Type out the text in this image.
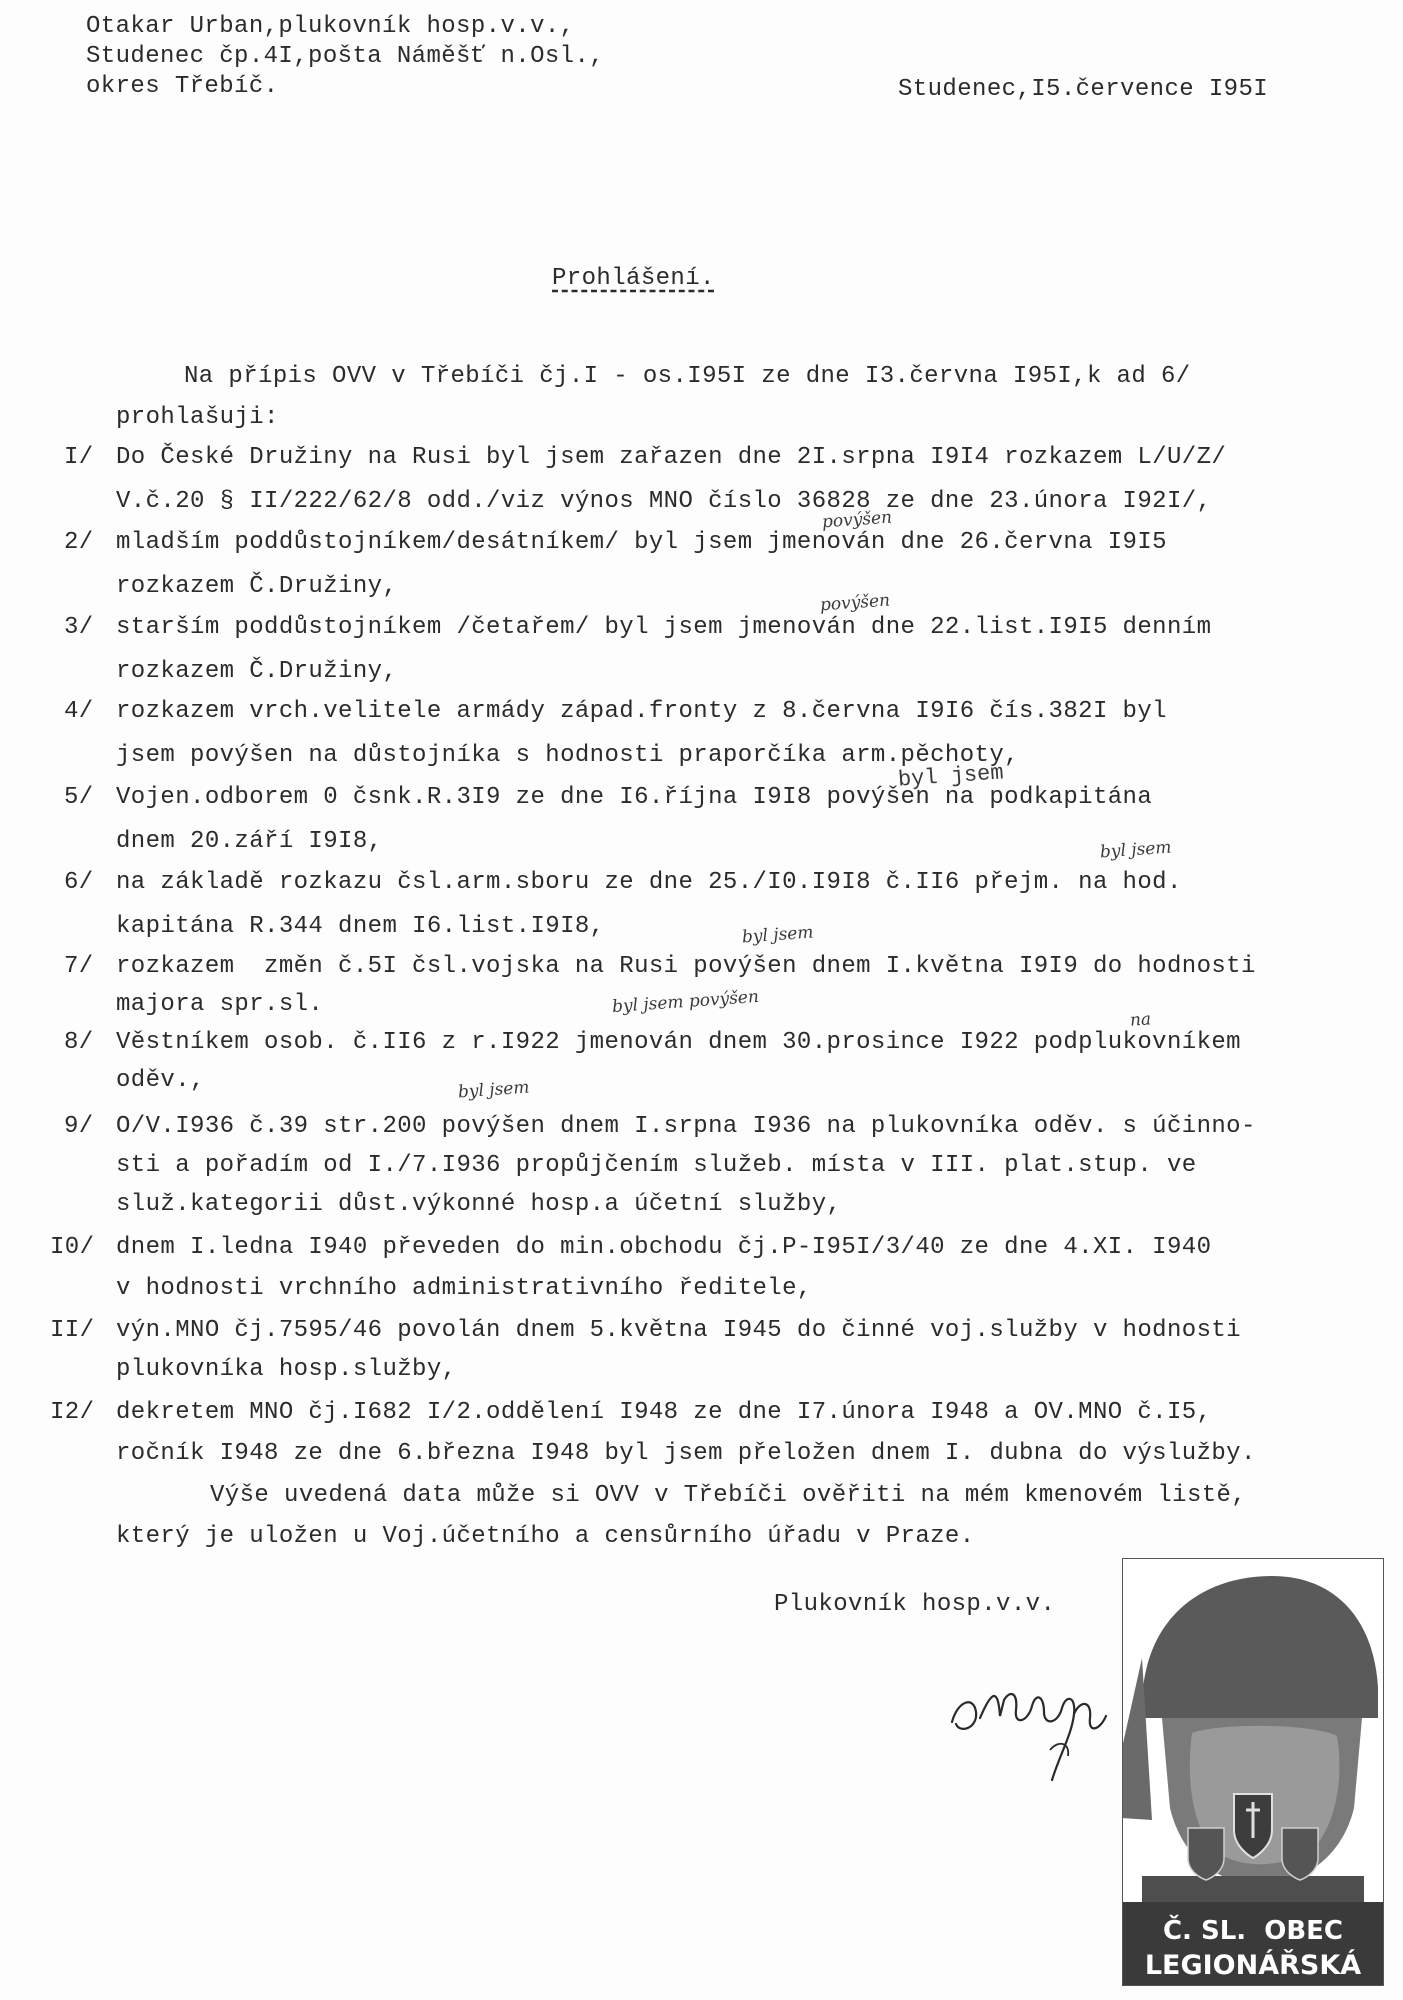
Otakar Urban,plukovník hosp.v.v.,
Studenec čp.4I,pošta Náměšť n.Osl.,
okres Třebíč.	Studenec,I5.července I95I
Prohlášení.
Na přípis OVV v Třebíči čj.I - os.I95I ze dne I3.června I95I,k ad 6/
prohlašuji:
I/ Do České Družiny na Rusi byl jsem zařazen dne 2I.srpna I9I4 rozkazem L/U/Z/
V.č.20 § II/222/62/8 odd./viz výnos MNO číslo 36828 ze dne 23.února I92I/,
2/ mladším poddůstojníkem/desátníkem/ byl jsem jmenován dne 26.června I9I5
rozkazem Č.Družiny,
povýšen
3/ starším poddůstojníkem /četařem/ byl jsem jmenován dne 22.list.I9I5 denním
rozkazem Č.Družiny,
povýšen
4/ rozkazem vrch.velitele armády západ.fronty z 8.června I9I6 čís.382I byl
jsem povýšen na důstojníka s hodnosti praporčíka arm.pěchoty,
5/ Vojen.odborem 0 čsnk.R.3I9 ze dne I6.října I9I8 povýšen na podkapitána
dnem 20.září I9I8,
byl jsem
6/ na základě rozkazu čsl.arm.sboru ze dne 25./I0.I9I8 č.II6 přejm. na hod.
kapitána R.344 dnem I6.list.I9I8,
byl jsem
7/ rozkazem  změn č.5I čsl.vojska na Rusi povýšen dnem I.května I9I9 do hodnosti
majora spr.sl.
byl jsem
8/ Věstníkem osob. č.II6 z r.I922 jmenován dnem 30.prosince I922 podplukovníkem
oděv.,
byl jsem povýšen
na
9/ O/V.I936 č.39 str.200 povýšen dnem I.srpna I936 na plukovníka oděv. s účinno-
sti a pořadím od I./7.I936 propůjčením služeb. místa v III. plat.stup. ve
služ.kategorii důst.výkonné hosp.a účetní služby,
byl jsem
I0/ dnem I.ledna I940 převeden do min.obchodu čj.P-I95I/3/40 ze dne 4.XI. I940
v hodnosti vrchního administrativního ředitele,
II/ výn.MNO čj.7595/46 povolán dnem 5.května I945 do činné voj.služby v hodnosti
plukovníka hosp.služby,
I2/ dekretem MNO čj.I682 I/2.oddělení I948 ze dne I7.února I948 a OV.MNO č.I5,
ročník I948 ze dne 6.března I948 byl jsem přeložen dnem I. dubna do výslužby.
Výše uvedená data může si OVV v Třebíči ověřiti na mém kmenovém listě,
který je uložen u Voj.účetního a censůrního úřadu v Praze.
Plukovník hosp.v.v.
Č. SL.  OBEC
LEGIONÁŘSKÁ
